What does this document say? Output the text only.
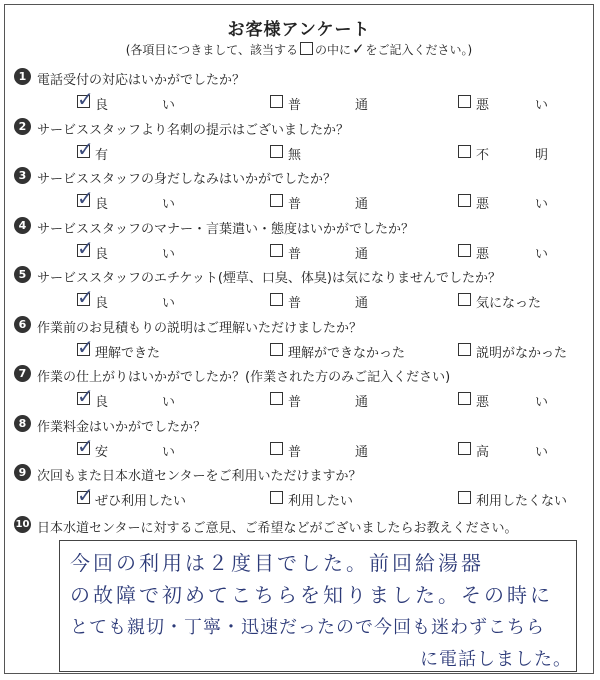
お客様アンケート
(各項目につきまして、該当する の中に✓をご記入ください。)
1 電話受付の対応はいかがでしたか？
✓ 良	い	普	通	悪	い
2 サービススタッフより名刺の提示はございましたか？
✓ 有	無	不	明
3 サービススタッフの身だしなみはいかがでしたか？
✓ 良	い	普	通	悪	い
4 サービススタッフのマナー・言葉遣い・態度はいかがでしたか？
✓ 良	い	普	通	悪	い
5 サービススタッフのエチケット(煙草、口臭、体臭)は気になりませんでしたか？
✓ 良	い	普	通	気になった
6 作業前のお見積もりの説明はご理解いただけましたか？
✓ 理解できた	理解ができなかった	説明がなかった
7 作業の仕上がりはいかがでしたか？(作業された方のみご記入ください)
✓ 良	い	普	通	悪	い
8 作業料金はいかがでしたか？
✓ 安	い	普	通	高	い
9 次回もまた日本水道センターをご利用いただけますか？
✓ ぜひ利用したい	利用したい	利用したくない
10 日本水道センターに対するご意見、ご希望などがございましたらお教えください。
今回の利用は２度目でした。前回給湯器
の故障で初めてこちらを知りました。その時に
とても親切・丁寧・迅速だったので今回も迷わずこちら
に電話しました。
